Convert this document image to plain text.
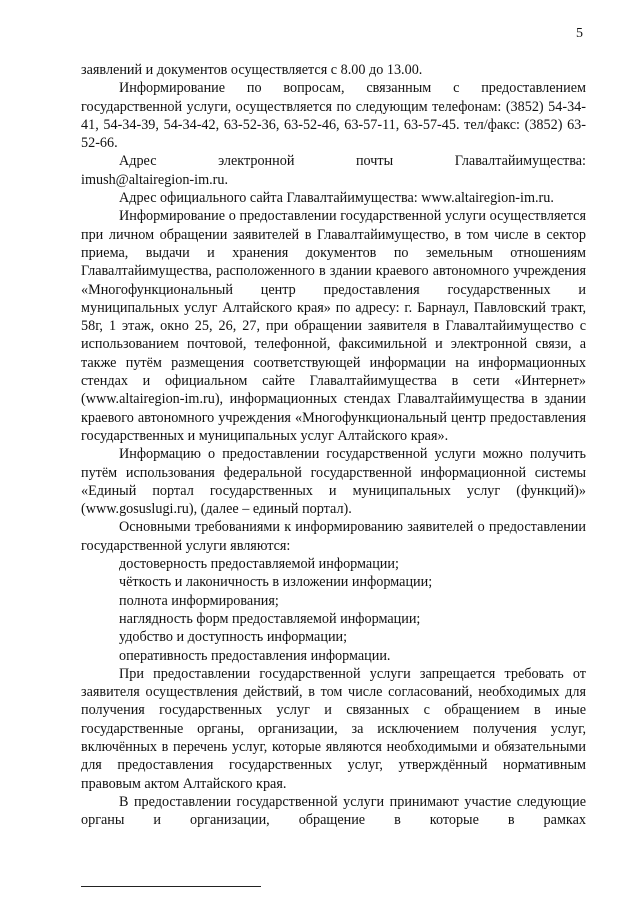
5

заявлений и документов осуществляется с 8.00 до 13.00.

Информирование по вопросам, связанным с предоставлением государственной услуги, осуществляется по следующим телефонам: (3852) 54-34-41, 54-34-39, 54-34-42, 63-52-36, 63-52-46, 63-57-11, 63-57-45. тел/факс: (3852) 63-52-66.

Адрес электронной почты Главалтайимущества:

imush@altairegion-im.ru.

Адрес официального сайта Главалтайимущества: www.altairegion-im.ru.

Информирование о предоставлении государственной услуги осуществляется при личном обращении заявителей в Главалтайимущество, в том числе в сектор приема, выдачи и хранения документов по земельным отношениям Главалтайимущества, расположенного в здании краевого автономного учреждения «Многофункциональный центр предоставления государственных и муниципальных услуг Алтайского края» по адресу: г. Барнаул, Павловский тракт, 58г, 1 этаж, окно 25, 26, 27, при обращении заявителя в Главалтайимущество с использованием почтовой, телефонной, факсимильной и электронной связи, а также путём размещения соответствующей информации на информационных стендах и официальном сайте Главалтайимущества в сети «Интернет» (www.altairegion-im.ru), информационных стендах Главалтайимущества в здании краевого автономного учреждения «Многофункциональный центр предоставления государственных и муниципальных услуг Алтайского края».

Информацию о предоставлении государственной услуги можно получить путём использования федеральной государственной информационной системы «Единый портал государственных и муниципальных услуг (функций)» (www.gosuslugi.ru), (далее – единый портал).

Основными требованиями к информированию заявителей о предоставлении государственной услуги являются:

достоверность предоставляемой информации;

чёткость и лаконичность в изложении информации;

полнота информирования;

наглядность форм предоставляемой информации;

удобство и доступность информации;

оперативность предоставления информации.

При предоставлении государственной услуги запрещается требовать от заявителя осуществления действий, в том числе согласований, необходимых для получения государственных услуг и связанных с обращением в иные государственные органы, организации, за исключением получения услуг, включённых в перечень услуг, которые являются необходимыми и обязательными для предоставления государственных услуг, утверждённый нормативным правовым актом Алтайского края.

В предоставлении государственной услуги принимают участие следующие органы и организации, обращение в которые в рамках
